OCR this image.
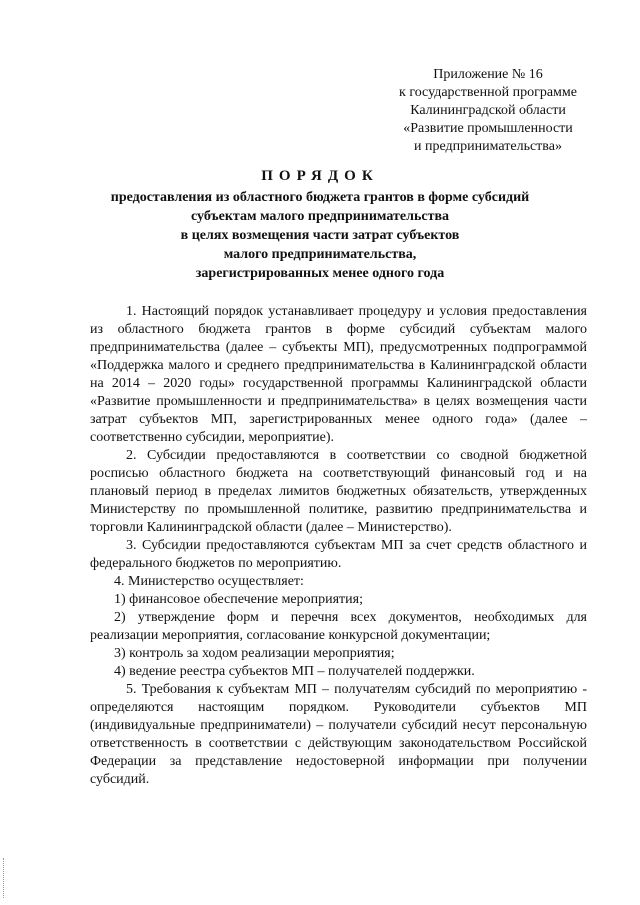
Приложение № 16
к государственной программе
Калининградской области
«Развитие промышленности
и предпринимательства»
ПОРЯДОК
предоставления из областного бюджета грантов в форме субсидий
субъектам малого предпринимательства
в целях возмещения части затрат субъектов
малого предпринимательства,
зарегистрированных менее одного года

1. Настоящий порядок устанавливает процедуру и условия предоставления из областного бюджета грантов в форме субсидий субъектам малого предпринимательства (далее – субъекты МП), предусмотренных подпрограммой «Поддержка малого и среднего предпринимательства в Калининградской области на 2014 – 2020 годы» государственной программы Калининградской области «Развитие промышленности и предпринимательства» в целях возмещения части затрат субъектов МП, зарегистрированных менее одного года» (далее – соответственно субсидии, мероприятие).

2. Субсидии предоставляются в соответствии со сводной бюджетной росписью областного бюджета на соответствующий финансовый год и на плановый период в пределах лимитов бюджетных обязательств, утвержденных Министерству по промышленной политике, развитию предпринимательства и торговли Калининградской области (далее – Министерство).

3. Субсидии предоставляются субъектам МП за счет средств областного и федерального бюджетов по мероприятию.

4. Министерство осуществляет:

1) финансовое обеспечение мероприятия;

2) утверждение форм и перечня всех документов, необходимых для реализации мероприятия, согласование конкурсной документации;

3) контроль за ходом реализации мероприятия;

4) ведение реестра субъектов МП – получателей поддержки.

5. Требования к субъектам МП – получателям субсидий по мероприятию - определяются настоящим порядком. Руководители субъектов МП (индивидуальные предприниматели) – получатели субсидий несут персональную ответственность в соответствии с действующим законодательством Российской Федерации за представление недостоверной информации при получении субсидий.
